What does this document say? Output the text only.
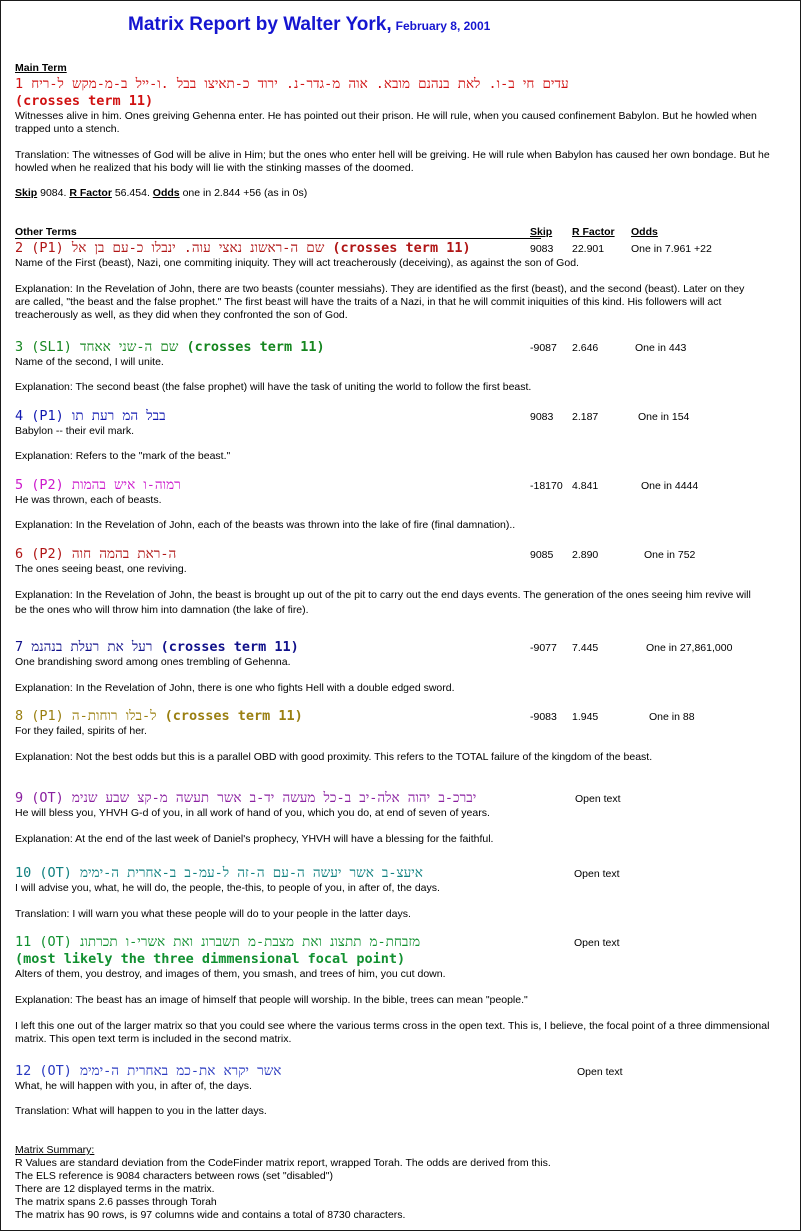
Matrix Report by Walter York, February 8, 2001
Main Term
1 עדים חי ב-ו. לאת בנהנם מובא. אוה מ-גדר-נ. ירוד כ-תאיצו בבל .ו-ייל ב-מ-מקש ל-ריח
(crosses term 11)
Witnesses alive in him. Ones greiving Gehenna enter. He has pointed out their prison. He will rule, when you caused confinement Babylon. But he howled when trapped unto a stench.
Translation: The witnesses of God will be alive in Him; but the ones who enter hell will be greiving. He will rule when Babylon has caused her own bondage. But he howled when he realized that his body will lie with the stinking masses of the doomed.
Skip 9084. R Factor 56.454. Odds one in 2.844 +56 (as in 0s)
Other Terms	Skip R Factor Odds
2 (P1) שם ה-ראשונ נאצי עוה. ינבלו כ-עם בן אל (crosses term 11)	9083 22.901	One in 7.961 +22
Name of the First (beast), Nazi, one commiting iniquity. They will act treacherously (deceiving), as against the son of God.
Explanation: In the Revelation of John, there are two beasts (counter messiahs). They are identified as the first (beast), and the second (beast). Later on they are called, "the beast and the false prophet." The first beast will have the traits of a Nazi, in that he will commit iniquities of this kind. His followers will act treacherously as well, as they did when they confronted the son of God.
3 (SL1) שם ה-שני אאחד (crosses term 11)	-9087 2.646	One in 443
Name of the second, I will unite.
Explanation: The second beast (the false prophet) will have the task of uniting the world to follow the first beast.
4 (P1) בבל המ רעת תו	9083 2.187	One in 154
Babylon -- their evil mark.
Explanation: Refers to the "mark of the beast."
5 (P2) רמוה-ו איש בהמות	-18170 4.841	One in 4444
He was thrown, each of beasts.
Explanation: In the Revelation of John, each of the beasts was thrown into the lake of fire (final damnation)..
6 (P2) ה-ראת בהמה חוה	9085 2.890	One in 752
The ones seeing beast, one reviving.
Explanation: In the Revelation of John, the beast is brought up out of the pit to carry out the end days events. The generation of the ones seeing him revive will be the ones who will throw him into damnation (the lake of fire).
7 רעל את רעלת בנהנמ (crosses term 11)	-9077 7.445	One in 27,861,000
One brandishing sword among ones trembling of Gehenna.
Explanation: In the Revelation of John, there is one who fights Hell with a double edged sword.
8 (P1) ל-בלו רוחות-ה (crosses term 11)	-9083 1.945	One in 88
For they failed, spirits of her.
Explanation: Not the best odds but this is a parallel OBD with good proximity. This refers to the TOTAL failure of the kingdom of the beast.
9 (OT) יברכ-ב יהוה אלה-יב ב-כל מעשה יד-ב אשר תעשה מ-קצ שבע שנימ	Open text
He will bless you, YHVH G-d of you, in all work of hand of you, which you do, at end of seven of years.
Explanation: At the end of the last week of Daniel's prophecy, YHVH will have a blessing for the faithful.
10 (OT) איעצ-ב אשר יעשה ה-עם ה-זה ל-עמ-ב ב-אחרית ה-ימימ	Open text
I will advise you, what, he will do, the people, the-this, to people of you, in after of, the days.
Translation: I will warn you what these people will do to your people in the latter days.
11 (OT) מזבחת-מ תתצונ ואת מצבת-מ תשברונ ואת אשרי-ו תכרתונ	Open text
(most likely the three dimmensional focal point)
Alters of them, you destroy, and images of them, you smash, and trees of him, you cut down.
Explanation: The beast has an image of himself that people will worship. In the bible, trees can mean "people."
I left this one out of the larger matrix so that you could see where the various terms cross in the open text. This is, I believe, the focal point of a three dimmensional matrix. This open text term is included in the second matrix.
12 (OT) אשר יקרא את-כמ באחרית ה-ימימ	Open text
What, he will happen with you, in after of, the days.
Translation: What will happen to you in the latter days.
Matrix Summary:
R Values are standard deviation from the CodeFinder matrix report, wrapped Torah. The odds are derived from this.
The ELS reference is 9084 characters between rows (set "disabled")
There are 12 displayed terms in the matrix.
The matrix spans 2.6 passes through Torah
The matrix has 90 rows, is 97 columns wide and contains a total of 8730 characters.
